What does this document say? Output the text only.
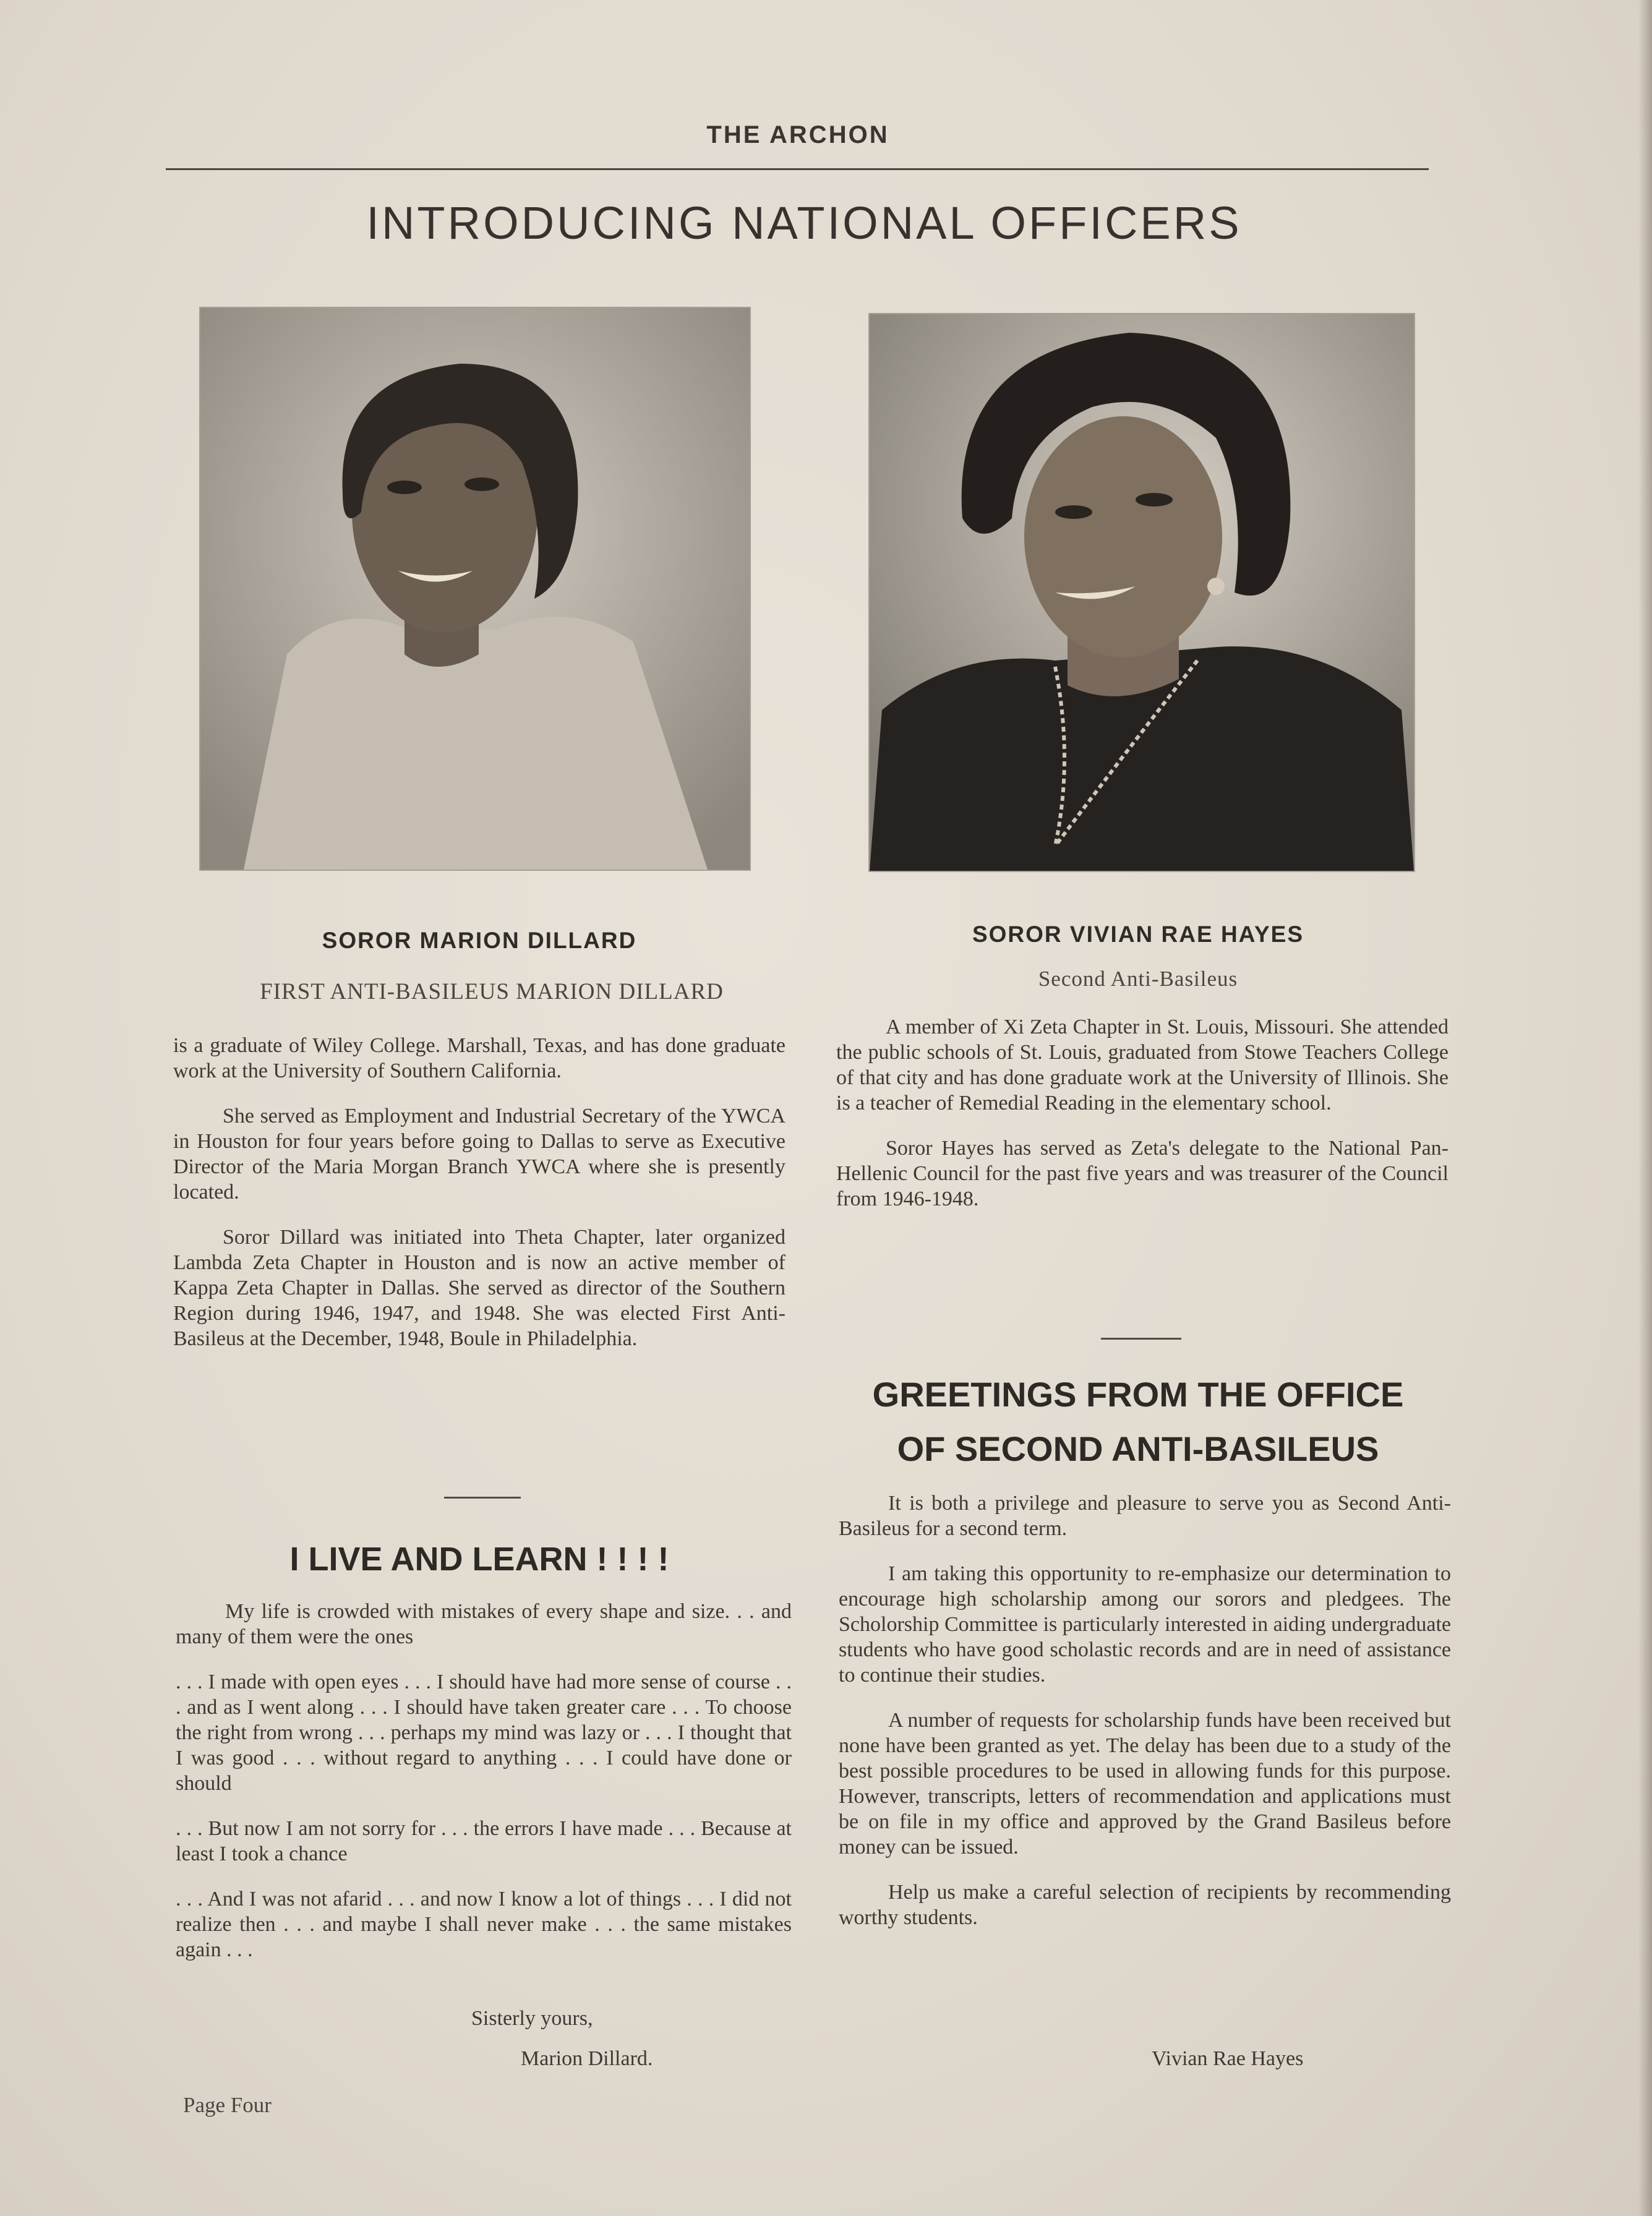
THE ARCHON
INTRODUCING NATIONAL OFFICERS
SOROR MARION DILLARD
FIRST ANTI-BASILEUS MARION DILLARD

is a graduate of Wiley College. Marshall, Texas, and has done graduate work at the University of Southern California.

She served as Employment and Industrial Secretary of the YWCA in Houston for four years before going to Dallas to serve as Executive Director of the Maria Morgan Branch YWCA where she is presently located.

Soror Dillard was initiated into Theta Chapter, later organized Lambda Zeta Chapter in Houston and is now an active member of Kappa Zeta Chapter in Dallas. She served as director of the Southern Region during 1946, 1947, and 1948. She was elected First Anti-Basileus at the December, 1948, Boule in Philadelphia.

I LIVE AND LEARN ! ! ! !

My life is crowded with mistakes of every shape and size. . . and many of them were the ones

. . . I made with open eyes . . . I should have had more sense of course . . . and as I went along . . . I should have taken greater care . . . To choose the right from wrong . . . perhaps my mind was lazy or . . . I thought that I was good . . . without regard to anything . . . I could have done or should

. . . But now I am not sorry for . . . the errors I have made . . . Because at least I took a chance

. . . And I was not afarid . . . and now I know a lot of things . . . I did not realize then . . . and maybe I shall never make . . . the same mistakes again . . .

Sisterly yours,
Marion Dillard.
SOROR VIVIAN RAE HAYES
Second Anti-Basileus

A member of Xi Zeta Chapter in St. Louis, Missouri. She attended the public schools of St. Louis, graduated from Stowe Teachers College of that city and has done graduate work at the University of Illinois. She is a teacher of Remedial Reading in the elementary school.

Soror Hayes has served as Zeta's delegate to the National Pan-Hellenic Council for the past five years and was treasurer of the Council from 1946-1948.

GREETINGS FROM THE OFFICE
OF SECOND ANTI-BASILEUS

It is both a privilege and pleasure to serve you as Second Anti-Basileus for a second term.

I am taking this opportunity to re-emphasize our determination to encourage high scholarship among our sorors and pledgees. The Scholorship Committee is particularly interested in aiding undergraduate students who have good scholastic records and are in need of assistance to continue their studies.

A number of requests for scholarship funds have been received but none have been granted as yet. The delay has been due to a study of the best possible procedures to be used in allowing funds for this purpose. However, transcripts, letters of recommendation and applications must be on file in my office and approved by the Grand Basileus before money can be issued.

Help us make a careful selection of recipients by recommending worthy students.

Vivian Rae Hayes
Page Four
